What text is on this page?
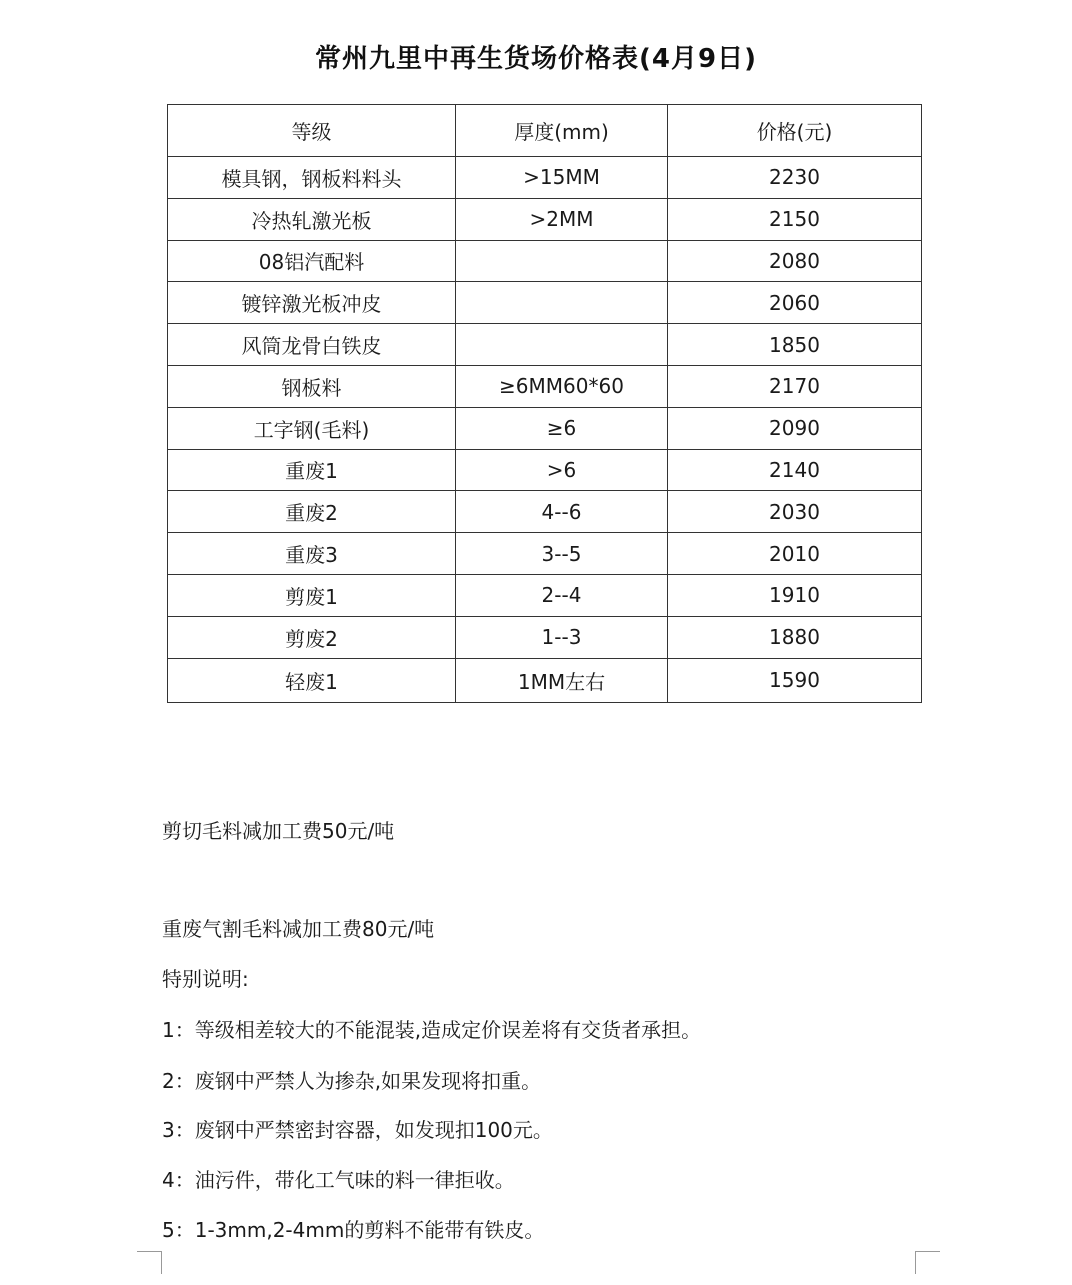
常州九里中再生货场价格表(4月9日)
等级	厚度(mm)	价格(元)
模具钢，钢板料料头	>15MM	2230
冷热轧激光板	>2MM	2150
08铝汽配料		2080
镀锌激光板冲皮		2060
风筒龙骨白铁皮		1850
钢板料	≥6MM60*60	2170
工字钢(毛料)	≥6	2090
重废1	>6	2140
重废2	4--6	2030
重废3	3--5	2010
剪废1	2--4	1910
剪废2	1--3	1880
轻废1	1MM左右	1590
剪切毛料减加工费50元/吨
重废气割毛料减加工费80元/吨
特别说明:
1：等级相差较大的不能混装,造成定价误差将有交货者承担。
2：废钢中严禁人为掺杂,如果发现将扣重。
3：废钢中严禁密封容器，如发现扣100元。
4：油污件，带化工气味的料一律拒收。
5：1-3mm,2-4mm的剪料不能带有铁皮。
